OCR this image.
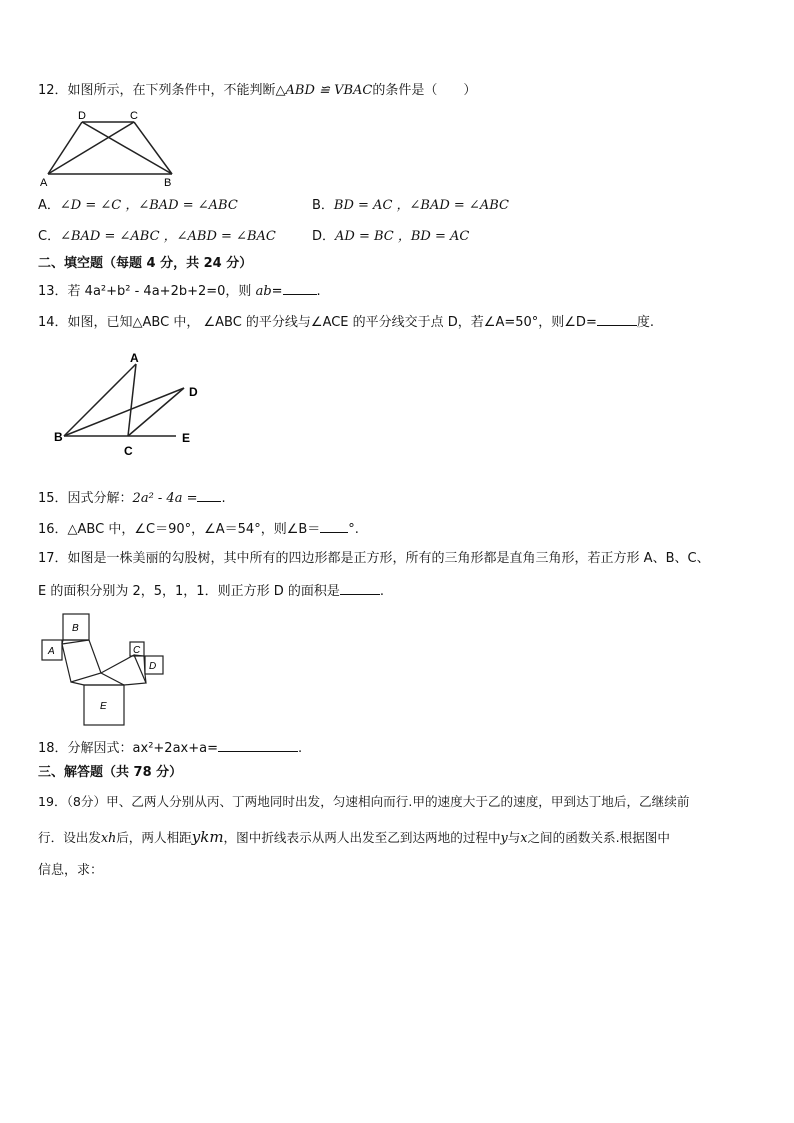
12．如图所示，在下列条件中，不能判断△ABD ≌ VBAC的条件是（　　）
D	C
A	B
A．∠D = ∠C ，∠BAD = ∠ABC	B．BD = AC ，∠BAD = ∠ABC
C．∠BAD = ∠ABC ，∠ABD = ∠BAC	D．AD = BC ，BD = AC
二、填空题（每题 4 分，共 24 分）
13．若 4a²+b² - 4a+2b+2=0，则 ab=	.
14．如图，已知△ABC 中， ∠ABC 的平分线与∠ACE 的平分线交于点 D，若∠A=50°，则∠D=	度.
A
D
B
C
E
15．因式分解：2a² - 4a = .
16．△ABC 中，∠C＝90°，∠A＝54°，则∠B＝ °.
17．如图是一株美丽的勾股树，其中所有的四边形都是正方形，所有的三角形都是直角三角形，若正方形 A、B、C、
E 的面积分别为 2，5，1，1．则正方形 D 的面积是	.
B
A	C
D
E
18．分解因式：ax²+2ax+a=	.
三、解答题（共 78 分）
19．（8分）甲、乙两人分别从丙、丁两地同时出发，匀速相向而行.甲的速度大于乙的速度，甲到达丁地后，乙继续前
行．设出发xh后，两人相距ykm，图中折线表示从两人出发至乙到达两地的过程中y与x之间的函数关系.根据图中
信息，求：
